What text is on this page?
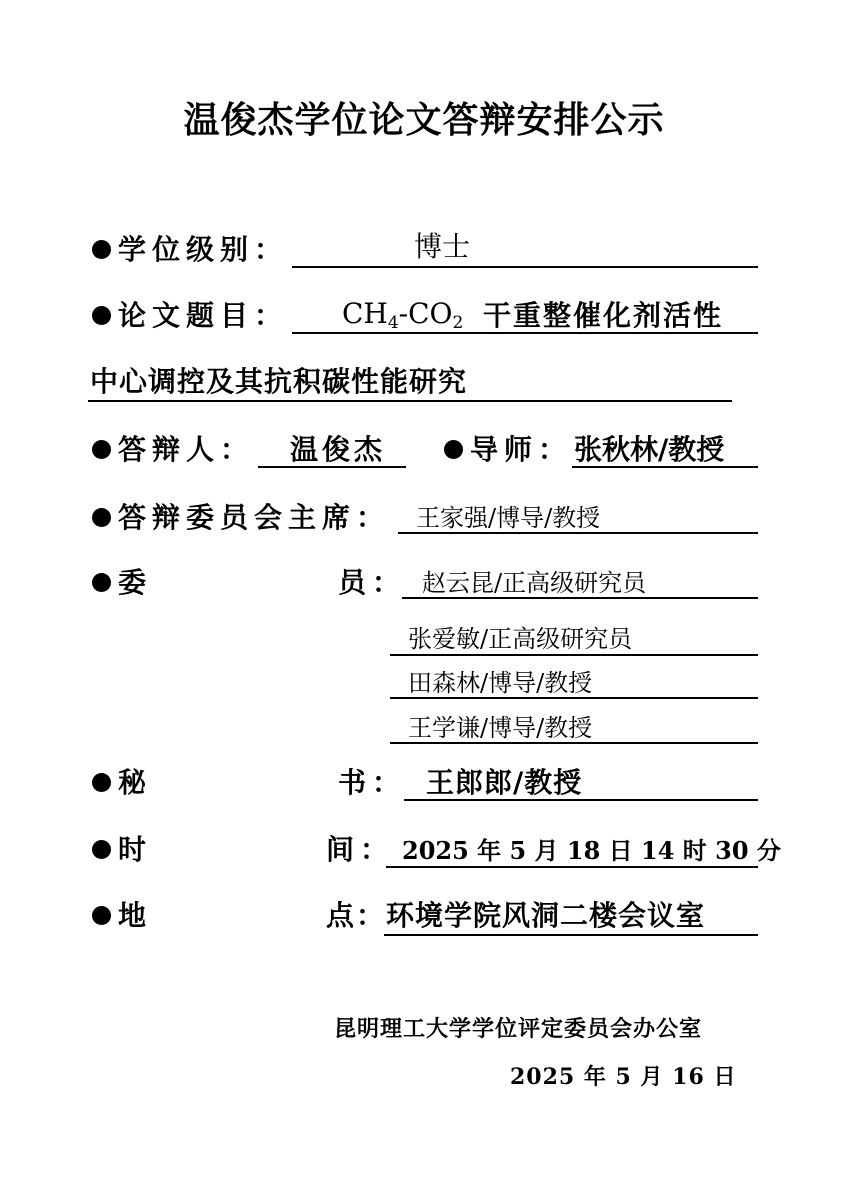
温俊杰学位论文答辩安排公示
学位级别：	博士
论文题目： $CH_4-CO_2$ 干重整催化剂活性
中心调控及其抗积碳性能研究
答辩人： 温俊杰	导师： 张秋林/教授
答辩委员会主席： 王家强/博导/教授
委	员： 赵云昆/正高级研究员
张爱敏/正高级研究员
田森林/博导/教授
王学谦/博导/教授
秘	书： 王郎郎/教授
时	间： 2025 年 5 月 18 日 14 时 30 分
地	点： 环境学院风洞二楼会议室
昆明理工大学学位评定委员会办公室
2025 年 5 月 16 日
